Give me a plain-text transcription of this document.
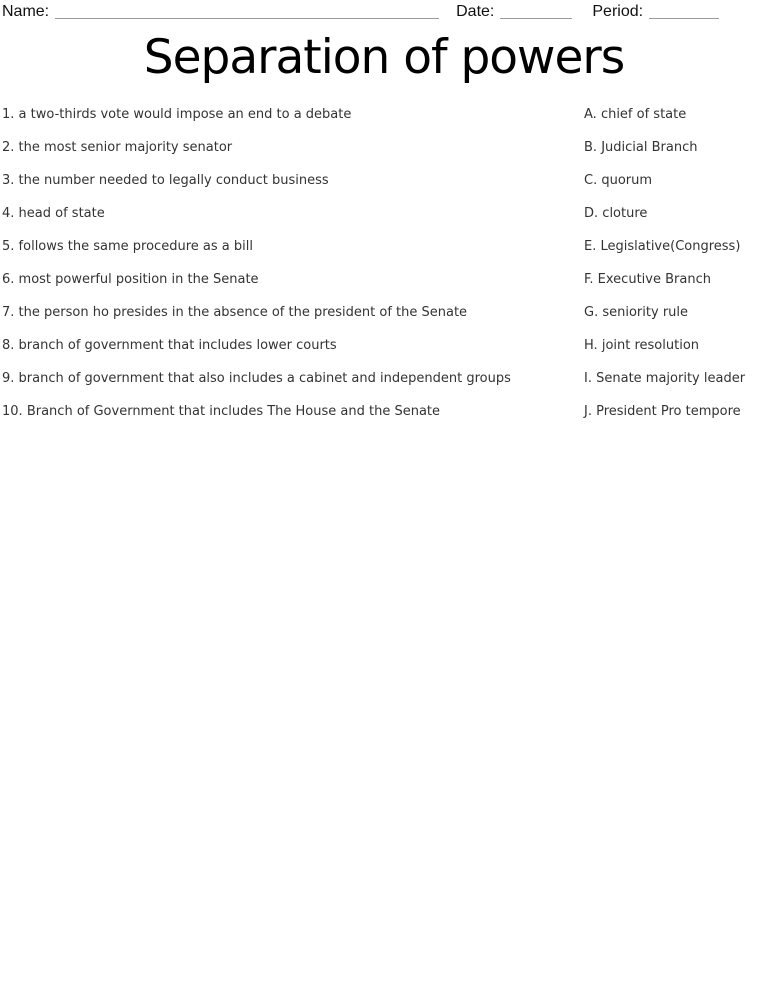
Name:	Date:	Period:
Separation of powers
1. a two-thirds vote would impose an end to a debate	A. chief of state
2. the most senior majority senator	B. Judicial Branch
3. the number needed to legally conduct business	C. quorum
4. head of state	D. cloture
5. follows the same procedure as a bill	E. Legislative(Congress)
6. most powerful position in the Senate	F. Executive Branch
7. the person ho presides in the absence of the president of the Senate	G. seniority rule
8. branch of government that includes lower courts	H. joint resolution
9. branch of government that also includes a cabinet and independent groups	I. Senate majority leader
10. Branch of Government that includes The House and the Senate	J. President Pro tempore
